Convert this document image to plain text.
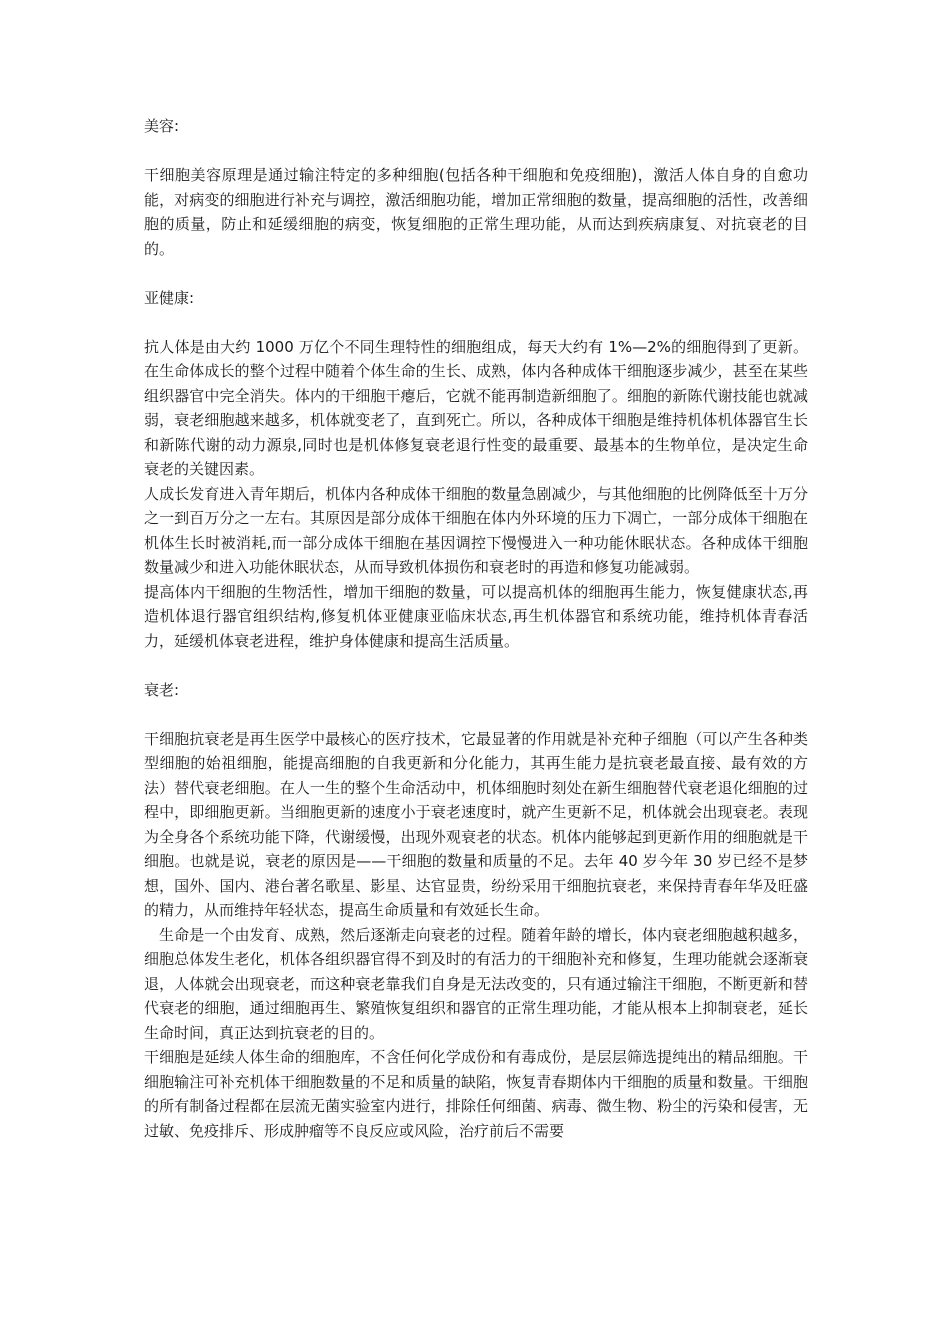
美容:

干细胞美容原理是通过输注特定的多种细胞(包括各种干细胞和免疫细胞)，激活人体自身的自愈功能，对病变的细胞进行补充与调控，激活细胞功能，增加正常细胞的数量，提高细胞的活性，改善细胞的质量，防止和延缓细胞的病变，恢复细胞的正常生理功能，从而达到疾病康复、对抗衰老的目的。

亚健康:

抗人体是由大约 1000 万亿个不同生理特性的细胞组成，每天大约有 1%—2%的细胞得到了更新。在生命体成长的整个过程中随着个体生命的生长、成熟，体内各种成体干细胞逐步减少，甚至在某些组织器官中完全消失。体内的干细胞干瘪后，它就不能再制造新细胞了。细胞的新陈代谢技能也就减弱，衰老细胞越来越多，机体就变老了，直到死亡。所以，各种成体干细胞是维持机体机体器官生长和新陈代谢的动力源泉,同时也是机体修复衰老退行性变的最重要、最基本的生物单位，是决定生命衰老的关键因素。

人成长发育进入青年期后，机体内各种成体干细胞的数量急剧减少，与其他细胞的比例降低至十万分之一到百万分之一左右。其原因是部分成体干细胞在体内外环境的压力下凋亡，一部分成体干细胞在机体生长时被消耗,而一部分成体干细胞在基因调控下慢慢进入一种功能休眠状态。各种成体干细胞数量减少和进入功能休眠状态，从而导致机体损伤和衰老时的再造和修复功能减弱。

提高体内干细胞的生物活性，增加干细胞的数量，可以提高机体的细胞再生能力，恢复健康状态,再造机体退行器官组织结构,修复机体亚健康亚临床状态,再生机体器官和系统功能，维持机体青春活力，延缓机体衰老进程，维护身体健康和提高生活质量。

衰老:

干细胞抗衰老是再生医学中最核心的医疗技术，它最显著的作用就是补充种子细胞（可以产生各种类型细胞的始祖细胞，能提高细胞的自我更新和分化能力，其再生能力是抗衰老最直接、最有效的方法）替代衰老细胞。在人一生的整个生命活动中，机体细胞时刻处在新生细胞替代衰老退化细胞的过程中，即细胞更新。当细胞更新的速度小于衰老速度时，就产生更新不足，机体就会出现衰老。表现为全身各个系统功能下降，代谢缓慢，出现外观衰老的状态。机体内能够起到更新作用的细胞就是干细胞。也就是说，衰老的原因是——干细胞的数量和质量的不足。去年 40 岁今年 30 岁已经不是梦想，国外、国内、港台著名歌星、影星、达官显贵，纷纷采用干细胞抗衰老，来保持青春年华及旺盛的精力，从而维持年轻状态，提高生命质量和有效延长生命。

生命是一个由发育、成熟，然后逐渐走向衰老的过程。随着年龄的增长，体内衰老细胞越积越多，细胞总体发生老化，机体各组织器官得不到及时的有活力的干细胞补充和修复，生理功能就会逐渐衰退，人体就会出现衰老，而这种衰老靠我们自身是无法改变的，只有通过输注干细胞，不断更新和替代衰老的细胞，通过细胞再生、繁殖恢复组织和器官的正常生理功能，才能从根本上抑制衰老，延长生命时间，真正达到抗衰老的目的。

干细胞是延续人体生命的细胞库，不含任何化学成份和有毒成份，是层层筛选提纯出的精品细胞。干细胞输注可补充机体干细胞数量的不足和质量的缺陷，恢复青春期体内干细胞的质量和数量。干细胞的所有制备过程都在层流无菌实验室内进行，排除任何细菌、病毒、微生物、粉尘的污染和侵害，无过敏、免疫排斥、形成肿瘤等不良反应或风险，治疗前后不需要
